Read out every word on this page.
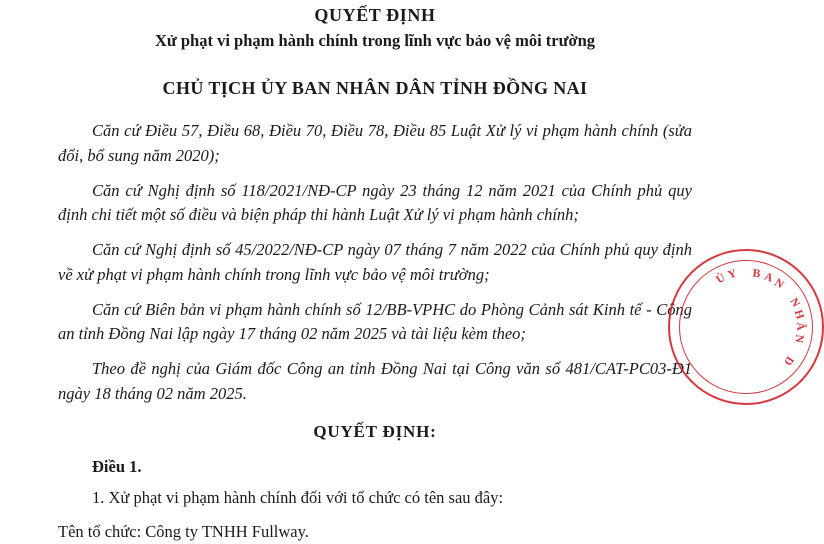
QUYẾT ĐỊNH
Xử phạt vi phạm hành chính trong lĩnh vực bảo vệ môi trường
CHỦ TỊCH ỦY BAN NHÂN DÂN TỈNH ĐỒNG NAI

Căn cứ Điều 57, Điều 68, Điều 70, Điều 78, Điều 85 Luật Xử lý vi phạm hành chính (sửa đổi, bổ sung năm 2020);

Căn cứ Nghị định số 118/2021/NĐ-CP ngày 23 tháng 12 năm 2021 của Chính phủ quy định chi tiết một số điều và biện pháp thi hành Luật Xử lý vi phạm hành chính;

Căn cứ Nghị định số 45/2022/NĐ-CP ngày 07 tháng 7 năm 2022 của Chính phủ quy định về xử phạt vi phạm hành chính trong lĩnh vực bảo vệ môi trường;

Căn cứ Biên bản vi phạm hành chính số 12/BB-VPHC do Phòng Cảnh sát Kinh tế - Công an tỉnh Đồng Nai lập ngày 17 tháng 02 năm 2025 và tài liệu kèm theo;

Theo đề nghị của Giám đốc Công an tỉnh Đồng Nai tại Công văn số 481/CAT-PC03-Đ1 ngày 18 tháng 02 năm 2025.

QUYẾT ĐỊNH:
Điều 1.
1. Xử phạt vi phạm hành chính đối với tổ chức có tên sau đây:
Tên tổ chức: Công ty TNHH Fullway.
Ủ
Y B A
N
N
H
Â
N
D
